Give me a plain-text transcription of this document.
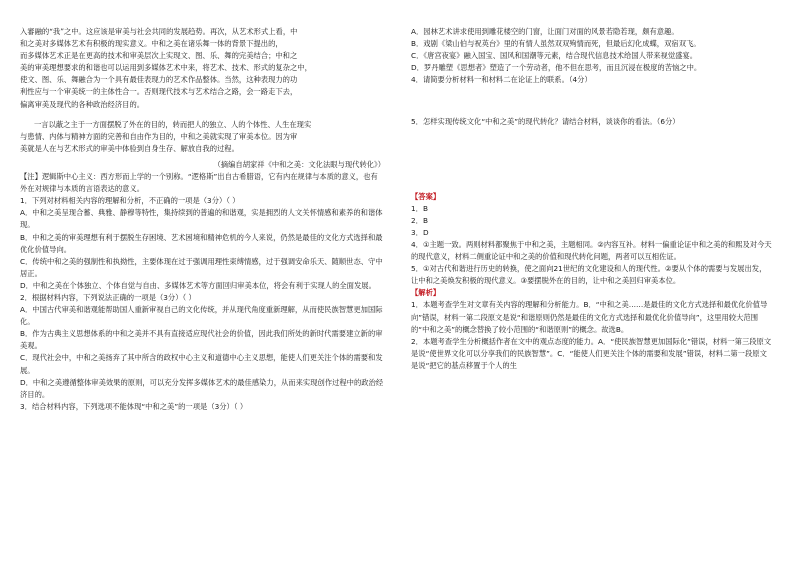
入審融的“我”之中。这应该是审美与社会共同的发展趋势。再次，从艺术形式上看，中

和之美对多媒体艺术有积极的现实意义。中和之美在诸乐舞一体的背景下提出的，

而多媒体艺术正是在更高的技术和审美层次上实现文、图、乐、舞的完美结合；中和之

美的审美理想要求的和谐也可以运用到多媒体艺术中来，将艺术、技术、形式的复杂之中，

使文、图、乐、舞融合为一个具有最佳表现力的艺术作品整体。当然，这种表现力的功

利性应与一个审美统一的主体性合一。否则现代技术与艺术结合之路，会一路走下去，

偏离审美及现代的各种政治经济目的。

一言以蔽之主于一方面摆脱了外在的目的，转而把人的独立、人的个体性、人生在现实

与患情、内体与精神方面的完善和自由作为目的，中和之美就实现了审美本位。因为审

美就是人在与艺术形式的审美中体验到自身生存、解放自我的过程。

（摘编自胡家祥《中和之美：文化法眼与现代转化》）

【注】逻辑斯中心主义：西方形而上学的一个别称。“逻格斯”出自古希腊语，它有内在规律与本质的意义，也有外在对规律与本质的言语表达的意义。

1．下列对材料相关内容的理解和分析，不正确的一项是（3分）（ ）

A．中和之美呈现合蓄、典雅、静穆等特性，集持续到的普遍的和谐观，实是拥烈的人文关怀情感和素养的和谐体现。

B．中和之美的审美理想有利于摆脱生存困境、艺术困境和精神危机的今人来说，仍然是最佳的文化方式选择和最优化价值导向。

C．传统中和之美的强制性和执拗性，主要体现在过于强调用理性束缚情感，过于强调安命乐天、随顺世态、守中居正。

D．中和之美在个体独立、个体自觉与自由、多媒体艺术等方面回归审美本位，将会有利于实现人的全面发展。

2．根据材料内容，下列说法正确的一项是（3分）（ ）

A．中国古代审美和谐观能帮助国人重新审视自己的文化传统，并从现代角度重新理解，从而使民族智慧更加国际化。

B．作为古典主义思想体系的中和之美并不具有直接适应现代社会的价值，因此我们所处的新时代需要建立新的审美观。

C．现代社会中，中和之美扬弃了其中所含的政权中心主义和道德中心主义思想，能使人们更关注个体的需要和发展。

D．中和之美遵循整体审美效果的原则，可以充分发挥多媒体艺术的最佳感染力，从而来实现创作过程中的政治经济目的。

3．结合材料内容，下列选项不能体现“中和之美”的一项是（3分）（ ）

A．园林艺术讲求使用到雕花楼空的门窗，让面门对面的风景若隐若现，颇有意趣。

B．戏剧《梁山伯与祝英台》里的有情人虽然双双殉情而死，但最后幻化成蝶，双宿双飞。

C．《唐宫夜宴》融入国宝、国风和国潮等元素，结合现代信息技术给国人带来视觉盛宴。

D．罗丹雕塑《思想者》塑造了一个劳动者，他不但在思考，而且沉浸在极度的苦恼之中。

4．请简要分析材料一和材料二在论证上的联系。（4分）

5．怎样实现传统文化“中和之美”的现代转化？请结合材料，谈谈你的看法。（6分）

【答案】

1．B

2．B

3．D

4．①主题一致。两则材料都聚焦于中和之美，主题相同。②内容互补。材料一偏重论证中和之美的和熙及对今天的现代意义，材料二侧重论证中和之美的价值和现代转化问题，两者可以互相佐证。

5．①对古代和谐进行历史的转换，使之面向21世纪的文化建设和人的现代性。②要从个体的需要与发展出发，让中和之美焕发积极的现代意义。③要摆脱外在的目的，让中和之美回归审美本位。

【解析】

1．本题考查学生对文章有关内容的理解和分析能力。B．“中和之美……是最佳的文化方式选择和最优化价值导向”错误，材料一第二段原文是说“和谐原则仍然是最佳的文化方式选择和最优化价值导向”，这里用较大范围的“中和之美”的概念替换了较小范围的“和谐原则”的概念。故选B。

2．本题考查学生分析概括作者在文中的观点态度的能力。A．“使民族智慧更加国际化”错误，材料一第三段原文是说“使世界文化可以分享我们的民族智慧”。C．“能使人们更关注个体的需要和发展”错误，材料二第一段原文是说“把它的基点移置于个人的生
